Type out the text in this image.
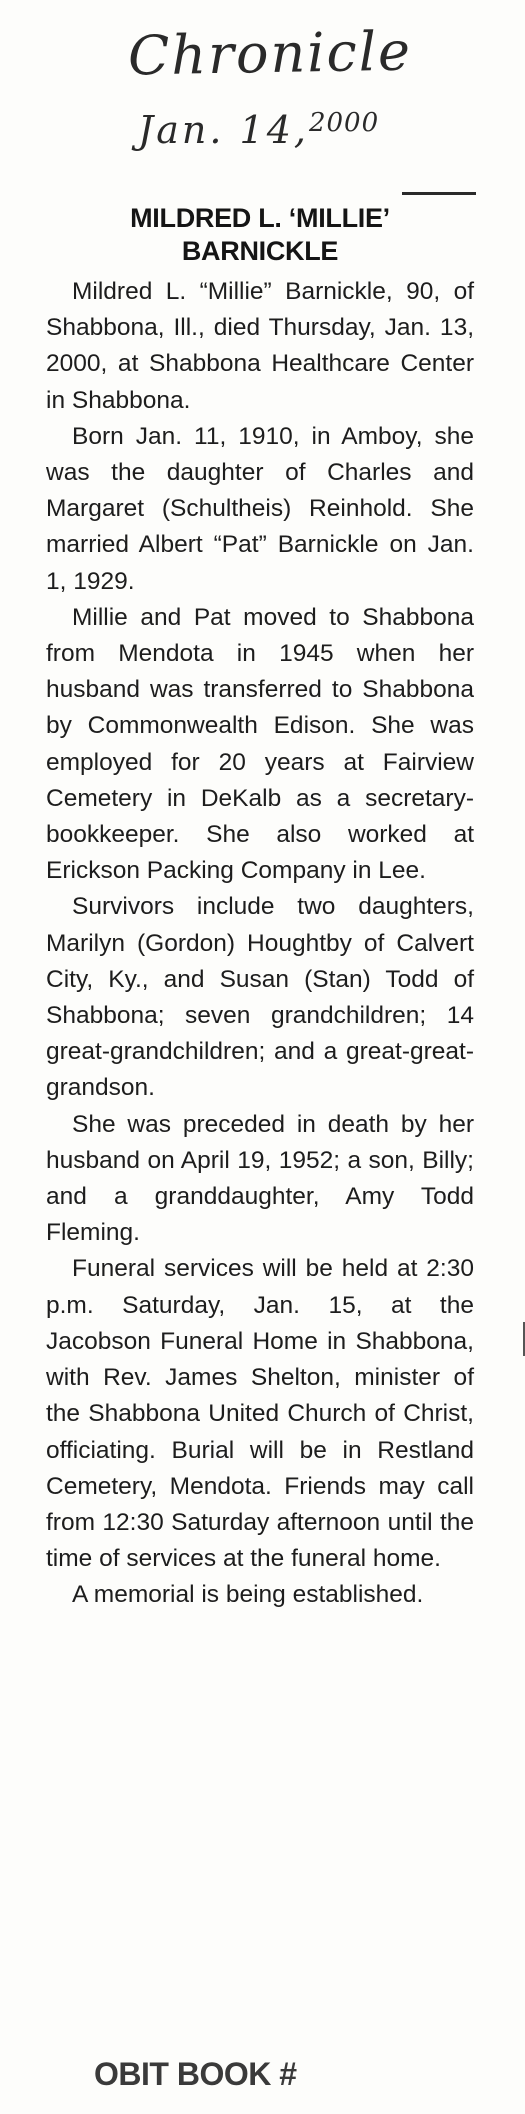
Chronicle
Jan. 14,$^{2000}$
MILDRED L. ‘MILLIE’
BARNICKLE

Mildred L. “Millie” Barnickle, 90, of Shabbona, Ill., died Thursday, Jan. 13, 2000, at Shabbona Healthcare Center in Shabbona.

Born Jan. 11, 1910, in Amboy, she was the daughter of Charles and Margaret (Schultheis) Reinhold. She married Albert “Pat” Barnickle on Jan. 1, 1929.

Millie and Pat moved to Shabbona from Mendota in 1945 when her husband was transferred to Shabbona by Commonwealth Edison. She was employed for 20 years at Fairview Cemetery in DeKalb as a secretary-bookkeeper. She also worked at Erickson Packing Company in Lee.

Survivors include two daughters, Marilyn (Gordon) Houghtby of Calvert City, Ky., and Susan (Stan) Todd of Shabbona; seven grandchildren; 14 great-grandchildren; and a great-great-grandson.

She was preceded in death by her husband on April 19, 1952; a son, Billy; and a granddaughter, Amy Todd Fleming.

Funeral services will be held at 2:30 p.m. Saturday, Jan. 15, at the Jacobson Funeral Home in Shabbona, with Rev. James Shelton, minister of the Shabbona United Church of Christ, officiating. Burial will be in Restland Cemetery, Mendota. Friends may call from 12:30 Saturday afternoon until the time of services at the funeral home.

A memorial is being established.

OBIT BOOK #
